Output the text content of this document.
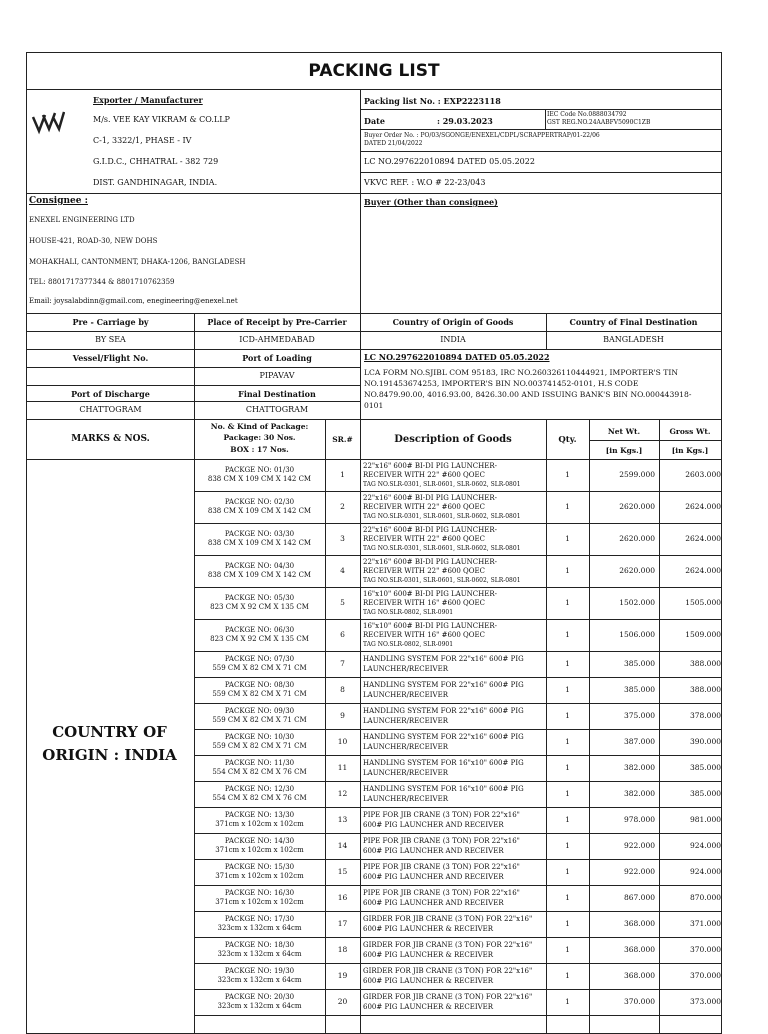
PACKING LIST
Exporter / Manufacturer
M/s. VEE KAY VIKRAM & CO.LLP
C-1, 3322/1, PHASE - IV
G.I.D.C., CHHATRAL - 382 729
DIST. GANDHINAGAR, INDIA.
Packing list No. : EXP2223118
Date	: 29.03.2023
IEC Code No.0888034792
GST REG.NO.24AABFV5090C1ZB
Buyer Order No. : PO/03/SGONGE/ENEXEL/CDPL/SCRAPPERTRAP/01-22/06
DATED 21/04/2022
LC NO.297622010894 DATED 05.05.2022
VKVC REF. : W.O # 22-23/043
Consignee :
ENEXEL ENGINEERING LTD
HOUSE-421, ROAD-30, NEW DOHS
MOHAKHALI, CANTONMENT, DHAKA-1206, BANGLADESH
TEL: 8801717377344 & 8801710762359
Email: joysalabdinn@gmail.com, enegineering@enexel.net
Buyer (Other than consignee)
Pre - Carriage by	Place of Receipt by Pre-Carrier	Country of Origin of Goods	Country of Final Destination
BY SEA	ICD-AHMEDABAD	INDIA	BANGLADESH
Vessel/Flight No.	Port of Loading
PIPAVAV
Port of Discharge	Final Destination
CHATTOGRAM	CHATTOGRAM
LC NO.297622010894 DATED 05.05.2022
LCA FORM NO.SJIBL COM 95183, IRC NO.260326110444921, IMPORTER'S TIN
NO.191453674253, IMPORTER'S BIN NO.003741452-0101, H.S CODE
NO.8479.90.00, 4016.93.00, 8426.30.00 AND ISSUING BANK'S BIN NO.000443918-
0101
MARKS & NOS.
No. & Kind of Package:
Package: 30 Nos.
BOX : 17 Nos.
SR.#	Description of Goods	Qty.
Net Wt.
[in Kgs.]
Gross Wt.
[in Kgs.]
COUNTRY OF
ORIGIN : INDIA
PACKGE NO: 01/30
838 CM X 109 CM X 142 CM	1
22"x16" 600# BI-DI PIG LAUNCHER-
RECEIVER WITH 22" #600 QOEC
TAG NO.SLR-0301, SLR-0601, SLR-0602, SLR-0801
1	2599.000	2603.000
PACKGE NO: 02/30
838 CM X 109 CM X 142 CM	2
22"x16" 600# BI-DI PIG LAUNCHER-
RECEIVER WITH 22" #600 QOEC
TAG NO.SLR-0301, SLR-0601, SLR-0602, SLR-0801
1	2620.000	2624.000
PACKGE NO: 03/30
838 CM X 109 CM X 142 CM	3
22"x16" 600# BI-DI PIG LAUNCHER-
RECEIVER WITH 22" #600 QOEC
TAG NO.SLR-0301, SLR-0601, SLR-0602, SLR-0801
1	2620.000	2624.000
PACKGE NO: 04/30
838 CM X 109 CM X 142 CM	4
22"x16" 600# BI-DI PIG LAUNCHER-
RECEIVER WITH 22" #600 QOEC
TAG NO.SLR-0301, SLR-0601, SLR-0602, SLR-0801
1	2620.000	2624.000
PACKGE NO: 05/30
823 CM X 92 CM X 135 CM	5
16"x10" 600# BI-DI PIG LAUNCHER-
RECEIVER WITH 16" #600 QOEC
TAG NO.SLR-0802, SLR-0901
1	1502.000	1505.000
PACKGE NO: 06/30
823 CM X 92 CM X 135 CM	6
16"x10" 600# BI-DI PIG LAUNCHER-
RECEIVER WITH 16" #600 QOEC
TAG NO.SLR-0802, SLR-0901
1	1506.000	1509.000
PACKGE NO: 07/30
559 CM X 82 CM X 71 CM	7	HANDLING SYSTEM FOR 22"x16" 600# PIG
LAUNCHER/RECEIVER
1	385.000	388.000
PACKGE NO: 08/30
559 CM X 82 CM X 71 CM	8	HANDLING SYSTEM FOR 22"x16" 600# PIG
LAUNCHER/RECEIVER
1	385.000	388.000
PACKGE NO: 09/30
559 CM X 82 CM X 71 CM	9	HANDLING SYSTEM FOR 22"x16" 600# PIG
LAUNCHER/RECEIVER
1	375.000	378.000
PACKGE NO: 10/30
559 CM X 82 CM X 71 CM	10	HANDLING SYSTEM FOR 22"x16" 600# PIG
LAUNCHER/RECEIVER
1	387.000	390.000
PACKGE NO: 11/30
554 CM X 82 CM X 76 CM	11	HANDLING SYSTEM FOR 16"x10" 600# PIG
LAUNCHER/RECEIVER
1	382.000	385.000
PACKGE NO: 12/30
554 CM X 82 CM X 76 CM	12	HANDLING SYSTEM FOR 16"x10" 600# PIG
LAUNCHER/RECEIVER
1	382.000	385.000
PACKGE NO: 13/30
371cm x 102cm x 102cm	13	PIPE FOR JIB CRANE (3 TON) FOR 22"x16"
600# PIG LAUNCHER AND RECEIVER
1	978.000	981.000
PACKGE NO: 14/30
371cm x 102cm x 102cm	14	PIPE FOR JIB CRANE (3 TON) FOR 22"x16"
600# PIG LAUNCHER AND RECEIVER
1	922.000	924.000
PACKGE NO: 15/30
371cm x 102cm x 102cm	15	PIPE FOR JIB CRANE (3 TON) FOR 22"x16"
600# PIG LAUNCHER AND RECEIVER
1	922.000	924.000
PACKGE NO: 16/30
371cm x 102cm x 102cm	16	PIPE FOR JIB CRANE (3 TON) FOR 22"x16"
600# PIG LAUNCHER AND RECEIVER
1	867.000	870.000
PACKGE NO: 17/30
323cm x 132cm x 64cm	17	GIRDER FOR JIB CRANE (3 TON) FOR 22"x16"
600# PIG LAUNCHER & RECEIVER
1	368.000	371.000
PACKGE NO: 18/30
323cm x 132cm x 64cm	18	GIRDER FOR JIB CRANE (3 TON) FOR 22"x16"
600# PIG LAUNCHER & RECEIVER
1	368.000	370.000
PACKGE NO: 19/30
323cm x 132cm x 64cm	19	GIRDER FOR JIB CRANE (3 TON) FOR 22"x16"
600# PIG LAUNCHER & RECEIVER
1	368.000	370.000
PACKGE NO: 20/30
323cm x 132cm x 64cm	20	GIRDER FOR JIB CRANE (3 TON) FOR 22"x16"
600# PIG LAUNCHER & RECEIVER
1	370.000	373.000
